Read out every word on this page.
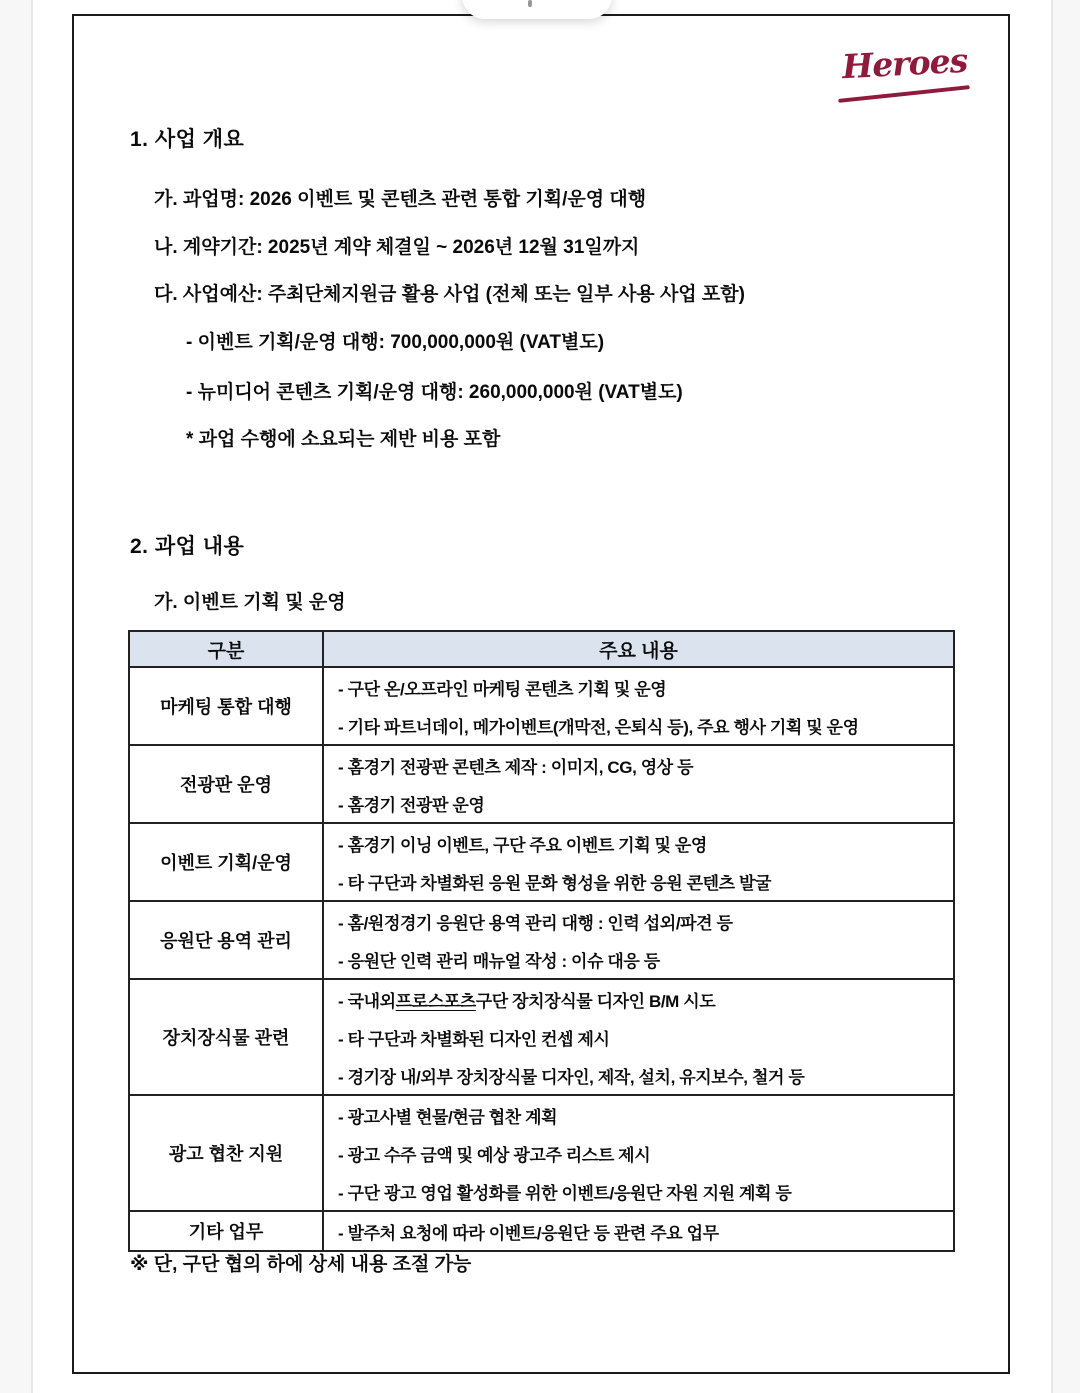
Heroes
1. 사업 개요
가. 과업명: 2026 이벤트 및 콘텐츠 관련 통합 기획/운영 대행
나. 계약기간: 2025년 계약 체결일 ~ 2026년 12월 31일까지
다. 사업예산: 주최단체지원금 활용 사업 (전체 또는 일부 사용 사업 포함)
- 이벤트 기획/운영 대행: 700,000,000원 (VAT별도)
- 뉴미디어 콘텐츠 기획/운영 대행: 260,000,000원 (VAT별도)
* 과업 수행에 소요되는 제반 비용 포함
2. 과업 내용
가. 이벤트 기획 및 운영
구분	주요 내용
마케팅 통합 대행	- 구단 온/오프라인 마케팅 콘텐츠 기획 및 운영
- 기타 파트너데이, 메가이벤트(개막전, 은퇴식 등), 주요 행사 기획 및 운영

전광판 운영	- 홈경기 전광판 콘텐츠 제작 : 이미지, CG, 영상 등
- 홈경기 전광판 운영

이벤트 기획/운영	- 홈경기 이닝 이벤트, 구단 주요 이벤트 기획 및 운영
- 타 구단과 차별화된 응원 문화 형성을 위한 응원 콘텐츠 발굴

응원단 용역 관리	- 홈/원정경기 응원단 용역 관리 대행 : 인력 섭외/파견 등
- 응원단 인력 관리 매뉴얼 작성 : 이슈 대응 등

장치장식물 관련	- 국내외 프로스포츠 구단 장치장식물 디자인 B/M 시도
- 타 구단과 차별화된 디자인 컨셉 제시
- 경기장 내/외부 장치장식물 디자인, 제작, 설치, 유지보수, 철거 등

광고 협찬 지원	- 광고사별 현물/현금 협찬 계획
- 광고 수주 금액 및 예상 광고주 리스트 제시
- 구단 광고 영업 활성화를 위한 이벤트/응원단 자원 지원 계획 등

기타 업무	- 발주처 요청에 따라 이벤트/응원단 등 관련 주요 업무
※ 단, 구단 협의 하에 상세 내용 조절 가능
